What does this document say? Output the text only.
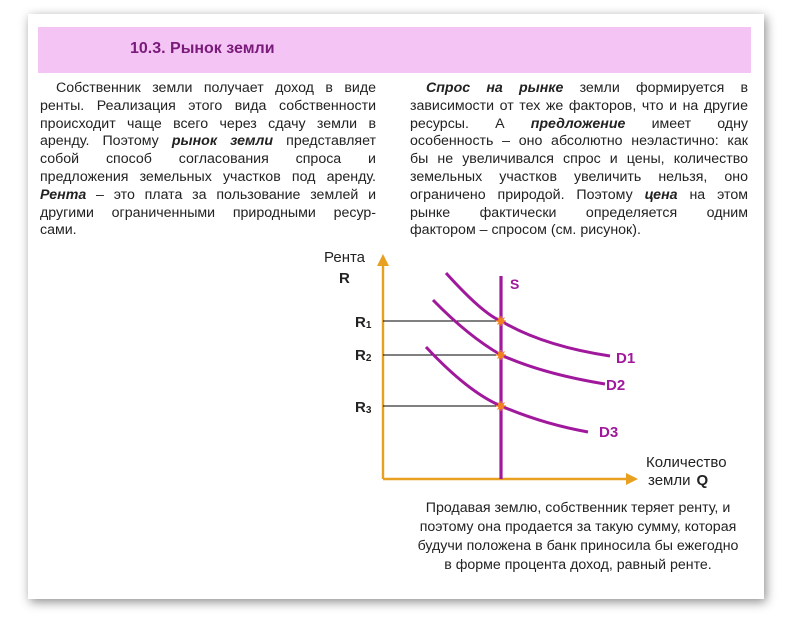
10.3. Рынок земли
Собственник земли получает доход в виде
ренты. Реализация этого вида собственности
происходит чаще всего через сдачу земли в
аренду. Поэтому рынок земли представляет
собой способ согласования спроса и
предложения земельных участков под аренду.
Рента – это плата за пользование землей и
другими ограниченными природными ресур-
сами.
Спрос на рынке земли формируется в
зависимости от тех же факторов, что и на другие
ресурсы. А предложение имеет одну
особенность – оно абсолютно неэластично: как
бы не увеличивался спрос и цены, количество
земельных участков увеличить нельзя, оно
ограничено природой. Поэтому цена на этом
рынке фактически определяется одним
фактором – спросом (см. рисунок).
Рента
R
Количество
земли Q
S
R1
R2
R3
D1
D2
D3
Продавая землю, собственник теряет ренту, и
поэтому она продается за такую сумму, которая
будучи положена в банк приносила бы ежегодно
в форме процента доход, равный ренте.
